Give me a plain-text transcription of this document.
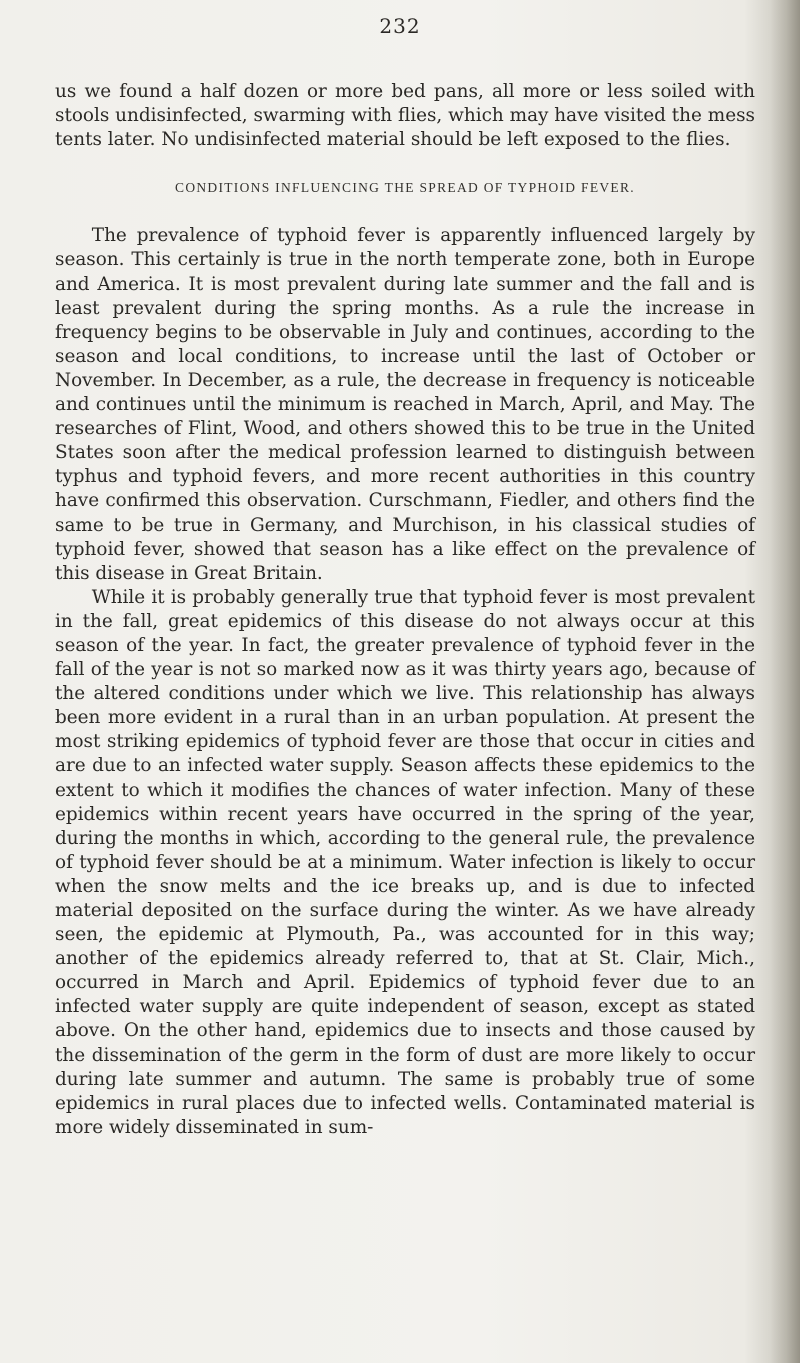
232

us we found a half dozen or more bed pans, all more or less soiled with stools undisinfected, swarming with flies, which may have visited the mess tents later. No undisinfected material should be left exposed to the flies.

CONDITIONS INFLUENCING THE SPREAD OF TYPHOID FEVER.

The prevalence of typhoid fever is apparently influenced largely by season. This certainly is true in the north temperate zone, both in Europe and America. It is most prevalent during late summer and the fall and is least prevalent during the spring months. As a rule the increase in frequency begins to be observable in July and continues, according to the season and local conditions, to increase until the last of October or November. In December, as a rule, the decrease in frequency is noticeable and continues until the minimum is reached in March, April, and May. The researches of Flint, Wood, and others showed this to be true in the United States soon after the medical profession learned to distinguish between typhus and typhoid fevers, and more recent authorities in this country have confirmed this observation. Curschmann, Fiedler, and others find the same to be true in Germany, and Murchison, in his classical studies of typhoid fever, showed that season has a like effect on the prevalence of this disease in Great Britain.

While it is probably generally true that typhoid fever is most prevalent in the fall, great epidemics of this disease do not always occur at this season of the year. In fact, the greater prevalence of typhoid fever in the fall of the year is not so marked now as it was thirty years ago, because of the altered conditions under which we live. This relationship has always been more evident in a rural than in an urban population. At present the most striking epidemics of typhoid fever are those that occur in cities and are due to an infected water supply. Season affects these epidemics to the extent to which it modifies the chances of water infection. Many of these epidemics within recent years have occurred in the spring of the year, during the months in which, according to the general rule, the prevalence of typhoid fever should be at a minimum. Water infection is likely to occur when the snow melts and the ice breaks up, and is due to infected material deposited on the surface during the winter. As we have already seen, the epidemic at Plymouth, Pa., was accounted for in this way; another of the epidemics already referred to, that at St. Clair, Mich., occurred in March and April. Epidemics of typhoid fever due to an infected water supply are quite independent of season, except as stated above. On the other hand, epidemics due to insects and those caused by the dissemination of the germ in the form of dust are more likely to occur during late summer and autumn. The same is probably true of some epidemics in rural places due to infected wells. Contaminated material is more widely disseminated in sum-
